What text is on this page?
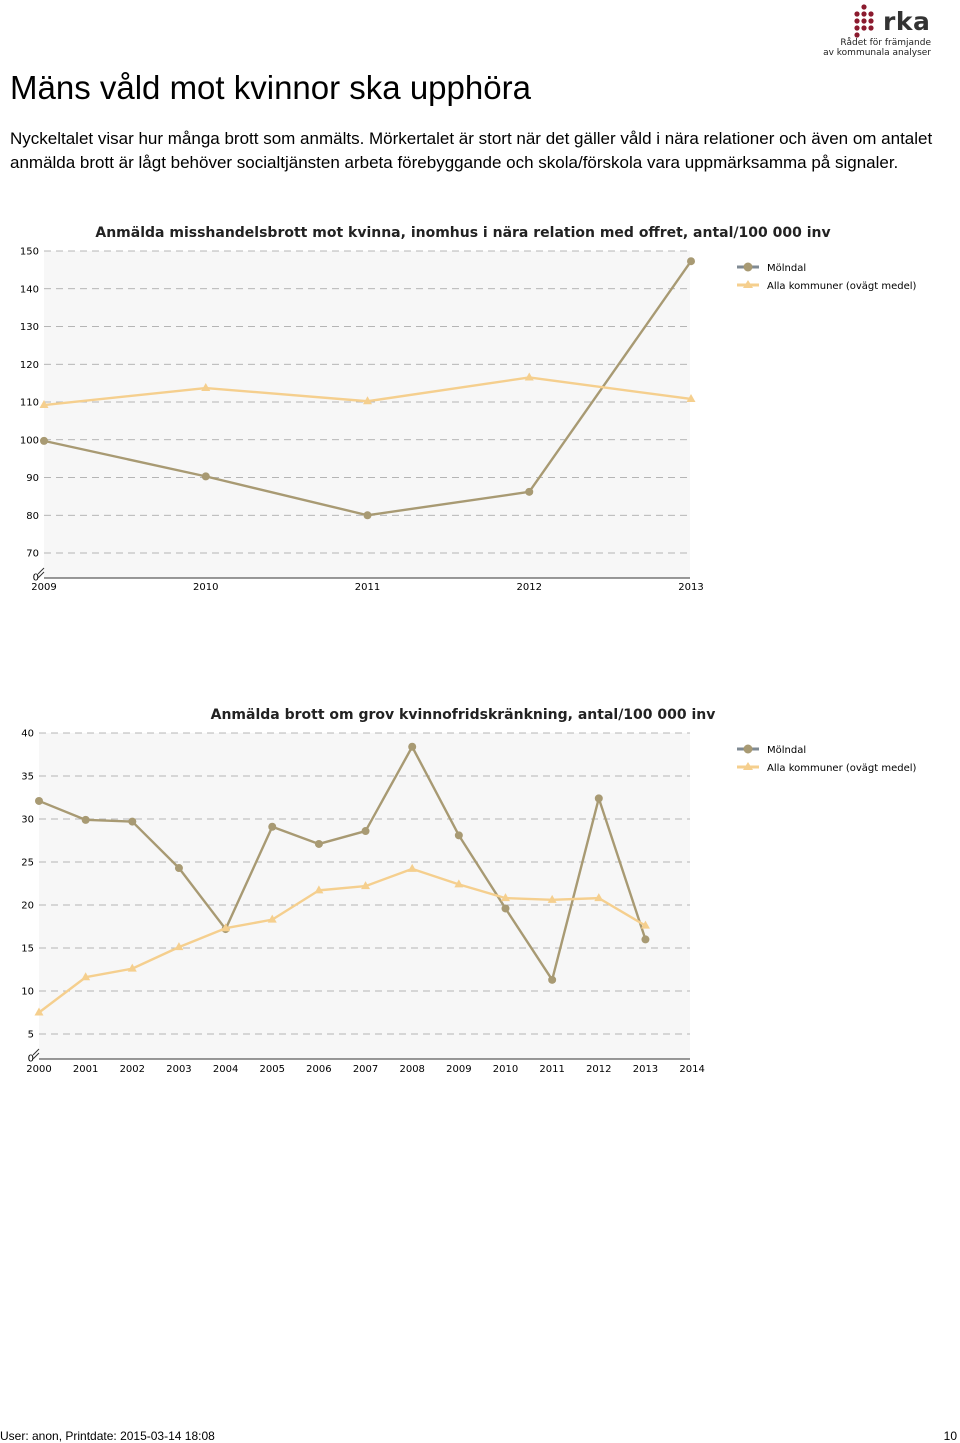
rka
Rådet för främjande
av kommunala analyser
Mäns våld mot kvinnor ska upphöra

Nyckeltalet visar hur många brott som anmälts. Mörkertalet är stort när det gäller våld i nära relationer och även om antalet anmälda brott är lågt behöver socialtjänsten arbeta förebyggande och skola/förskola vara uppmärksamma på signaler.

150
140
130
120
110
100
90
80
70
0
2009	2010	2011	2012	2013
Anmälda misshandelsbrott mot kvinna, inomhus i nära relation med offret, antal/100 000 inv
Mölndal
Alla kommuner (ovägt medel)
40
35
30
25
20
15
10
5
0
2000 2001 2002 2003 2004 2005 2006 2007 2008 2009 2010 2011 2012 2013 2014
Anmälda brott om grov kvinnofridskränkning, antal/100 000 inv
Mölndal
Alla kommuner (ovägt medel)
User: anon, Printdate: 2015-03-14 18:08	10
